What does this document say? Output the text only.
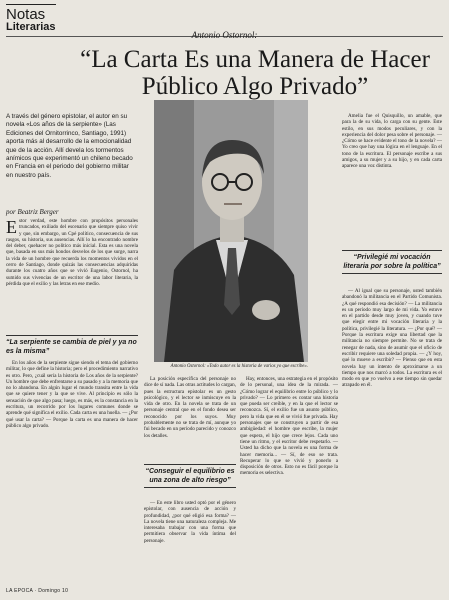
Notas
Literarias
Antonio Ostornol:
“La Carta Es una Manera de Hacer Público Algo Privado”

A través del género epistolar, el autor en su novela «Los años de la serpiente» (Las Ediciones del Ornitorrinco, Santiago, 1991) aporta más al desarrollo de la emocionalidad que de la acción. Allí devela los tormentos anímicos que experimentó un chileno becado en Francia en el periodo del gobierno militar en nuestro país.

por Beatriz Berger
E stor verdad, este hombre con propósitos personales truncados, exiliado del escenario que siempre quiso vivir y que, sin embargo, un Cpé político, consecuencia de sus rasgos, su historia, sus ausencias. Allí lo ha encontrado nombre del deber, quehacer no político más inicial. Esta es una novela que, basada en sus más hondos desvelos de los que surge, narra la vida de un hombre que recuerda los momentos vividos en el cerro de Santiago, donde quizás las consecuencias adquiridas durante los cuatro años que se vivió Eugenio, Ostornol, ha sumido sus vivencias de un escritor de una labor literaria, la pérdida que el exilio y las letras en ese medio.
“La serpiente se cambia de piel y ya no es la misma”

En los años de la serpiente sigue siendo el tema del gobierno militar, lo que define la historia; pero el procedimiento narrativo es otro. Pero, ¿cuál sería la historia de Los años de la serpiente? Un hombre que debe enfrentarse a su pasado y a la memoria que no lo abandona. En algún lugar el mundo transita entre la vida que se quiere tener y la que se vive. Al principio es sólo la sensación de que algo pasa; luego, es más, es la constancia en la escritura, un recorrido por los lugares comunes donde se aprende qué significa el exilio. Cada carta es una huella. — ¿Por qué usar la carta? — Porque la carta es una manera de hacer público algo privado.

Antonio Ostornol: «Todo autor es la historia de varios yo que escribe».

La posición específica del personaje no dice de sí nada. Las otras actitudes lo cargan, pues la estructura epistolar es un gesto psicológico, y el lector se inmiscuye en la vida de otro. En la novela se trata de un personaje central que en el fondo desea ser reconocido por los suyos. Muy probablemente no se trata de mí, aunque yo fui becado en un período parecido y conozco los detalles.

“Conseguir el equilibrio es una zona de alto riesgo”

— En este libro usted optó por el género epistolar, con ausencia de acción y profundidad, ¿por qué eligió esa forma? — La novela tiene una naturaleza compleja. Me interesaba trabajar con una forma que permitiera observar la vida íntima del personaje.

Hay, entonces, una estrategia en el propósito de lo personal, una idea de la mirada. — ¿Cómo lograr el equilibrio entre lo público y lo privado? — Lo primero es contar una historia que pueda ser creíble, y en la que el lector se reconozca. Sí, el exilio fue un asunto público, pero la vida que en él se vivió fue privada. Hay personajes que se construyen a partir de esa ambigüedad: el hombre que escribe, la mujer que espera, el hijo que crece lejos. Cada uno tiene un ritmo, y el escritor debe respetarlo. — Usted ha dicho que la novela es una forma de hacer memoria... — Sí, de eso se trata. Recuperar lo que se vivió y ponerlo a disposición de otros. Esto no es fácil porque la memoria es selectiva.

Amelia fue el Quisquillo, un amable, que para la de su vida, lo carga con su gente. Este estilo, en sus modos peculiares, y con la experiencia del dolor pesa sobre el personaje. — ¿Cómo se hace evidente el tono de la novela? — Yo creo que hay una lógica en el lenguaje. En el tono de la escritura. El personaje escribe a sus amigos, a su mujer y a su hijo, y en cada carta aparece una voz distinta.

“Privilegié mi vocación literaria por sobre la política”

— Al igual que su personaje, usted también abandonó la militancia en el Partido Comunista. ¿A qué respondió esa decisión? — La militancia es un período muy largo de mi vida. Yo estuve en el partido desde muy joven, y cuando tuve que elegir entre mi vocación literaria y la política, privilegié la literatura. — ¿Por qué? — Porque la escritura exige una libertad que la militancia no siempre permite. No se trata de renegar de nada, sino de asumir que el oficio de escribir requiere una soledad propia. — ¿Y hoy, qué lo mueve a escribir? — Pienso que en esta novela hay un intento de aproximarse a un tiempo que nos marcó a todos. La escritura es el modo en que yo vuelvo a ese tiempo sin quedar atrapado en él.

LA EPOCA · Domingo 10
